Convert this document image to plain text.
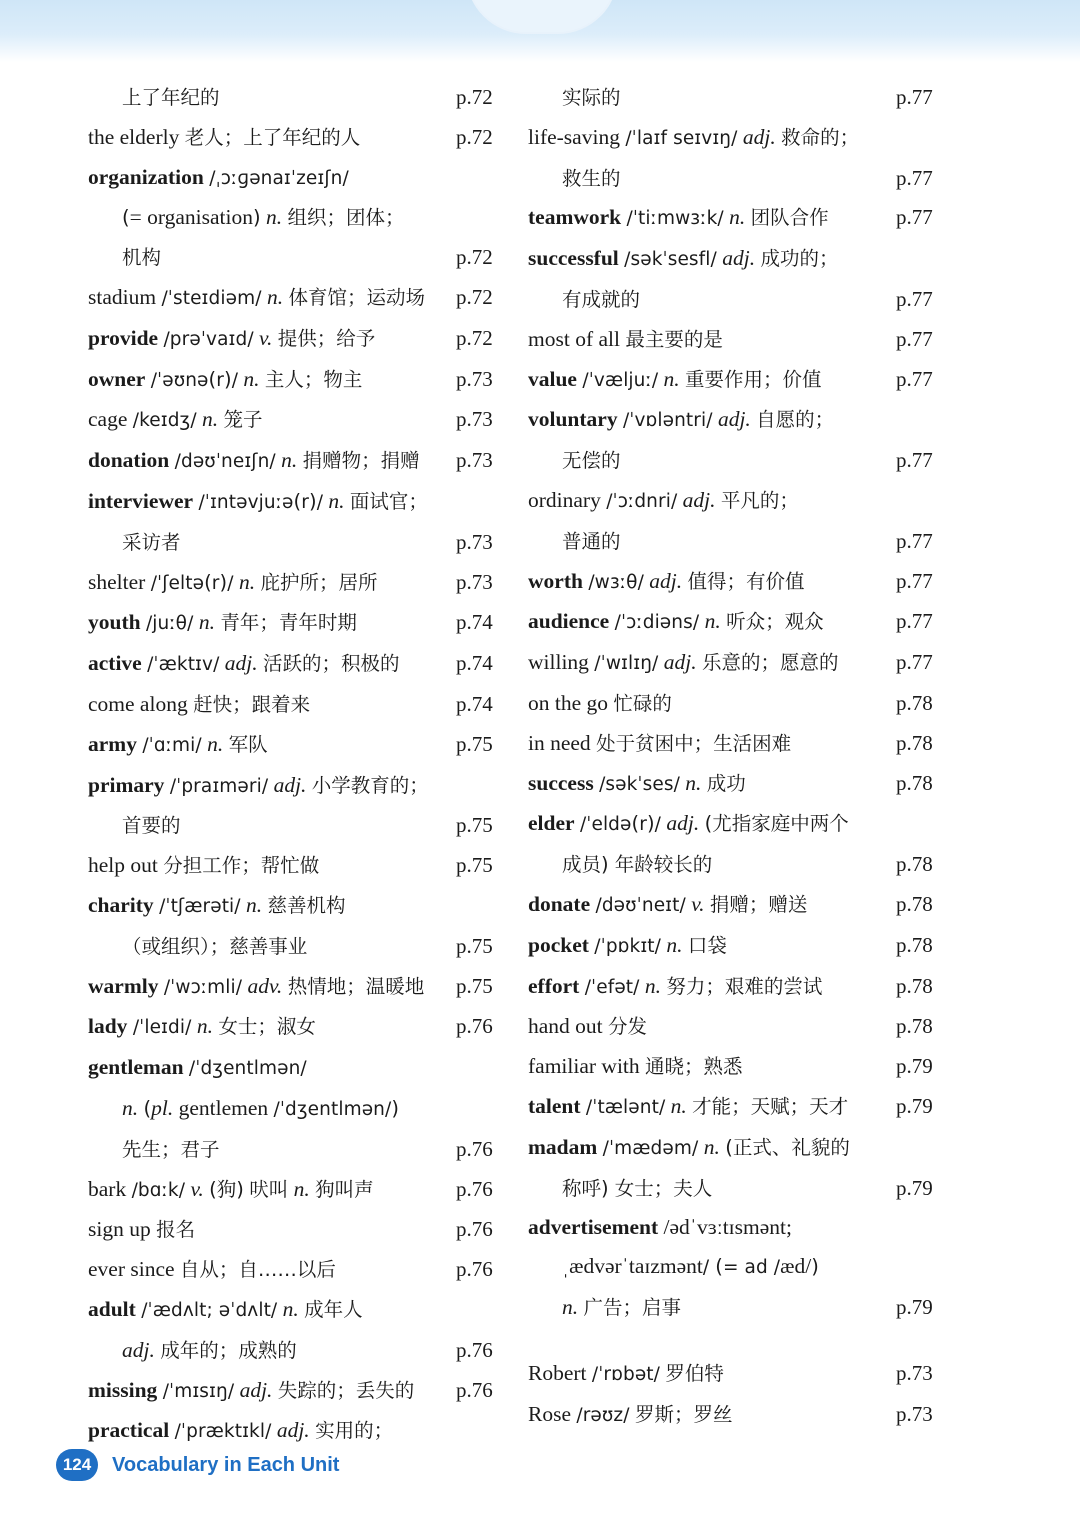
上了年纪的	p.72
the elderly 老人；上了年纪的人	p.72
organization /ˌɔːɡənaɪˈzeɪʃn/
(= organisation) n. 组织；团体；
机构	p.72
stadium /ˈsteɪdiəm/ n. 体育馆；运动场	p.72
provide /prəˈvaɪd/ v. 提供；给予	p.72
owner /ˈəʊnə(r)/ n. 主人；物主	p.73
cage /keɪdʒ/ n. 笼子	p.73
donation /dəʊˈneɪʃn/ n. 捐赠物；捐赠	p.73
interviewer /ˈɪntəvjuːə(r)/ n. 面试官；
采访者	p.73
shelter /ˈʃeltə(r)/ n. 庇护所；居所	p.73
youth /juːθ/ n. 青年；青年时期	p.74
active /ˈæktɪv/ adj. 活跃的；积极的	p.74
come along 赶快；跟着来	p.74
army /ˈɑːmi/ n. 军队	p.75
primary /ˈpraɪməri/ adj. 小学教育的；
首要的	p.75
help out 分担工作；帮忙做	p.75
charity /ˈtʃærəti/ n. 慈善机构
（或组织）；慈善事业	p.75
warmly /ˈwɔːmli/ adv. 热情地；温暖地	p.75
lady /ˈleɪdi/ n. 女士；淑女	p.76
gentleman /ˈdʒentlmən/
n. (pl. gentlemen /ˈdʒentlmən/)
先生；君子	p.76
bark /bɑːk/ v. (狗) 吠叫 n. 狗叫声	p.76
sign up 报名	p.76
ever since 自从；自……以后	p.76
adult /ˈædʌlt; əˈdʌlt/ n. 成年人
adj. 成年的；成熟的	p.76
missing /ˈmɪsɪŋ/ adj. 失踪的；丢失的	p.76
practical /ˈpræktɪkl/ adj. 实用的；
实际的	p.77
life-saving /ˈlaɪf seɪvɪŋ/ adj. 救命的；
救生的	p.77
teamwork /ˈtiːmwɜːk/ n. 团队合作	p.77
successful /səkˈsesfl/ adj. 成功的；
有成就的	p.77
most of all 最主要的是	p.77
value /ˈvæljuː/ n. 重要作用；价值	p.77
voluntary /ˈvɒləntri/ adj. 自愿的；
无偿的	p.77
ordinary /ˈɔːdnri/ adj. 平凡的；
普通的	p.77
worth /wɜːθ/ adj. 值得；有价值	p.77
audience /ˈɔːdiəns/ n. 听众；观众	p.77
willing /ˈwɪlɪŋ/ adj. 乐意的；愿意的	p.77
on the go 忙碌的	p.78
in need 处于贫困中；生活困难	p.78
success /səkˈses/ n. 成功	p.78
elder /ˈeldə(r)/ adj. (尤指家庭中两个
成员) 年龄较长的	p.78
donate /dəʊˈneɪt/ v. 捐赠；赠送	p.78
pocket /ˈpɒkɪt/ n. 口袋	p.78
effort /ˈefət/ n. 努力；艰难的尝试	p.78
hand out 分发	p.78
familiar with 通晓；熟悉	p.79
talent /ˈtælənt/ n. 才能；天赋；天才	p.79
madam /ˈmædəm/ n. (正式、礼貌的
称呼) 女士；夫人	p.79
advertisement /ədˈvɜːtɪsmənt;
ˌædvərˈtaɪzmənt/ (= ad /æd/)
n. 广告；启事	p.79
Robert /ˈrɒbət/ 罗伯特	p.73
Rose /rəʊz/ 罗斯；罗丝	p.73
124	Vocabulary in Each Unit
